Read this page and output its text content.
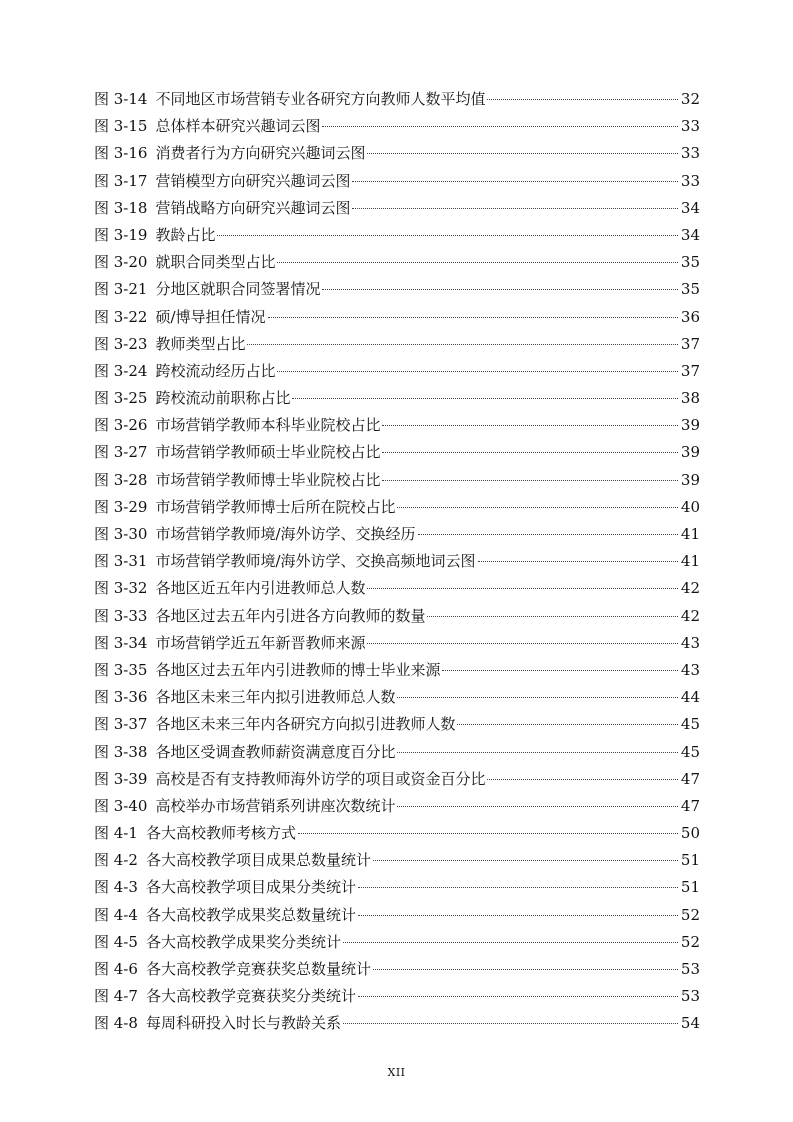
图 3-14 不同地区市场营销专业各研究方向教师人数平均值	32
图 3-15 总体样本研究兴趣词云图	33
图 3-16 消费者行为方向研究兴趣词云图	33
图 3-17 营销模型方向研究兴趣词云图	33
图 3-18 营销战略方向研究兴趣词云图	34
图 3-19 教龄占比	34
图 3-20 就职合同类型占比	35
图 3-21 分地区就职合同签署情况	35
图 3-22 硕/博导担任情况	36
图 3-23 教师类型占比	37
图 3-24 跨校流动经历占比	37
图 3-25 跨校流动前职称占比	38
图 3-26 市场营销学教师本科毕业院校占比	39
图 3-27 市场营销学教师硕士毕业院校占比	39
图 3-28 市场营销学教师博士毕业院校占比	39
图 3-29 市场营销学教师博士后所在院校占比	40
图 3-30 市场营销学教师境/海外访学、交换经历	41
图 3-31 市场营销学教师境/海外访学、交换高频地词云图	41
图 3-32 各地区近五年内引进教师总人数	42
图 3-33 各地区过去五年内引进各方向教师的数量	42
图 3-34 市场营销学近五年新晋教师来源	43
图 3-35 各地区过去五年内引进教师的博士毕业来源	43
图 3-36 各地区未来三年内拟引进教师总人数	44
图 3-37 各地区未来三年内各研究方向拟引进教师人数	45
图 3-38 各地区受调查教师薪资满意度百分比	45
图 3-39 高校是否有支持教师海外访学的项目或资金百分比	47
图 3-40 高校举办市场营销系列讲座次数统计	47
图 4-1 各大高校教师考核方式	50
图 4-2 各大高校教学项目成果总数量统计	51
图 4-3 各大高校教学项目成果分类统计	51
图 4-4 各大高校教学成果奖总数量统计	52
图 4-5 各大高校教学成果奖分类统计	52
图 4-6 各大高校教学竞赛获奖总数量统计	53
图 4-7 各大高校教学竞赛获奖分类统计	53
图 4-8 每周科研投入时长与教龄关系	54
XII
